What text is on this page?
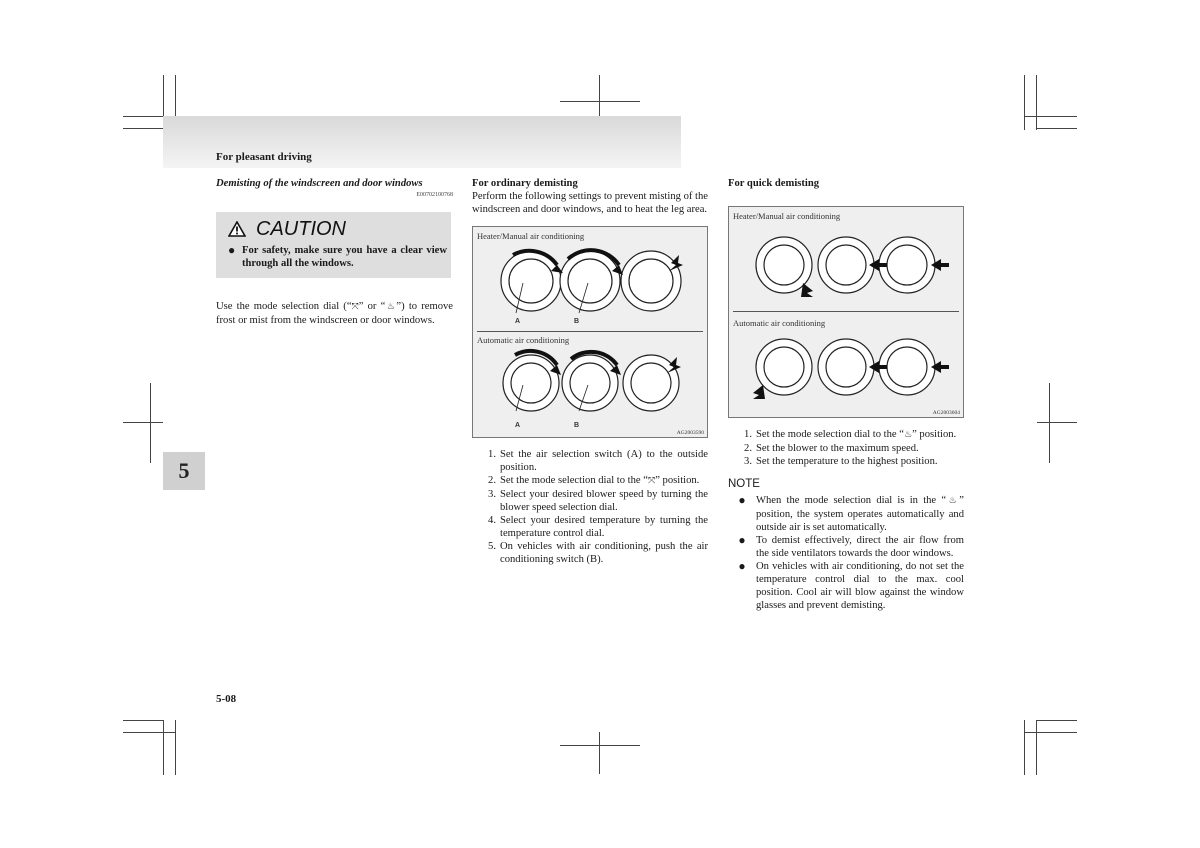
For pleasant driving
5
5-08
Demisting of the windscreen and door windows
E00702100768
CAUTION
● For safety, make sure you have a clear view through all the windows.
Use the mode selection dial (“⤧” or “♨”) to remove frost or mist from the windscreen or door windows.
For ordinary demisting
Perform the following settings to prevent misting of the windscreen and door windows, and to heat the leg area.
Heater/Manual air conditioning
A	B
Automatic air conditioning
A	B
AG2003590
1. Set the air selection switch (A) to the outside position.
2. Set the mode selection dial to the “⤧” position.
3. Select your desired blower speed by turning the blower speed selection dial.
4. Select your desired temperature by turning the temperature control dial.
5. On vehicles with air conditioning, push the air conditioning switch (B).
For quick demisting
Heater/Manual air conditioning
Automatic air conditioning
AG2003604
1. Set the mode selection dial to the “♨” position.
2. Set the blower to the maximum speed.
3. Set the temperature to the highest position.
NOTE
● When the mode selection dial is in the “♨” position, the system operates automatically and outside air is set automatically.
● To demist effectively, direct the air flow from the side ventilators towards the door windows.
● On vehicles with air conditioning, do not set the temperature control dial to the max. cool position. Cool air will blow against the window glasses and prevent demisting.
